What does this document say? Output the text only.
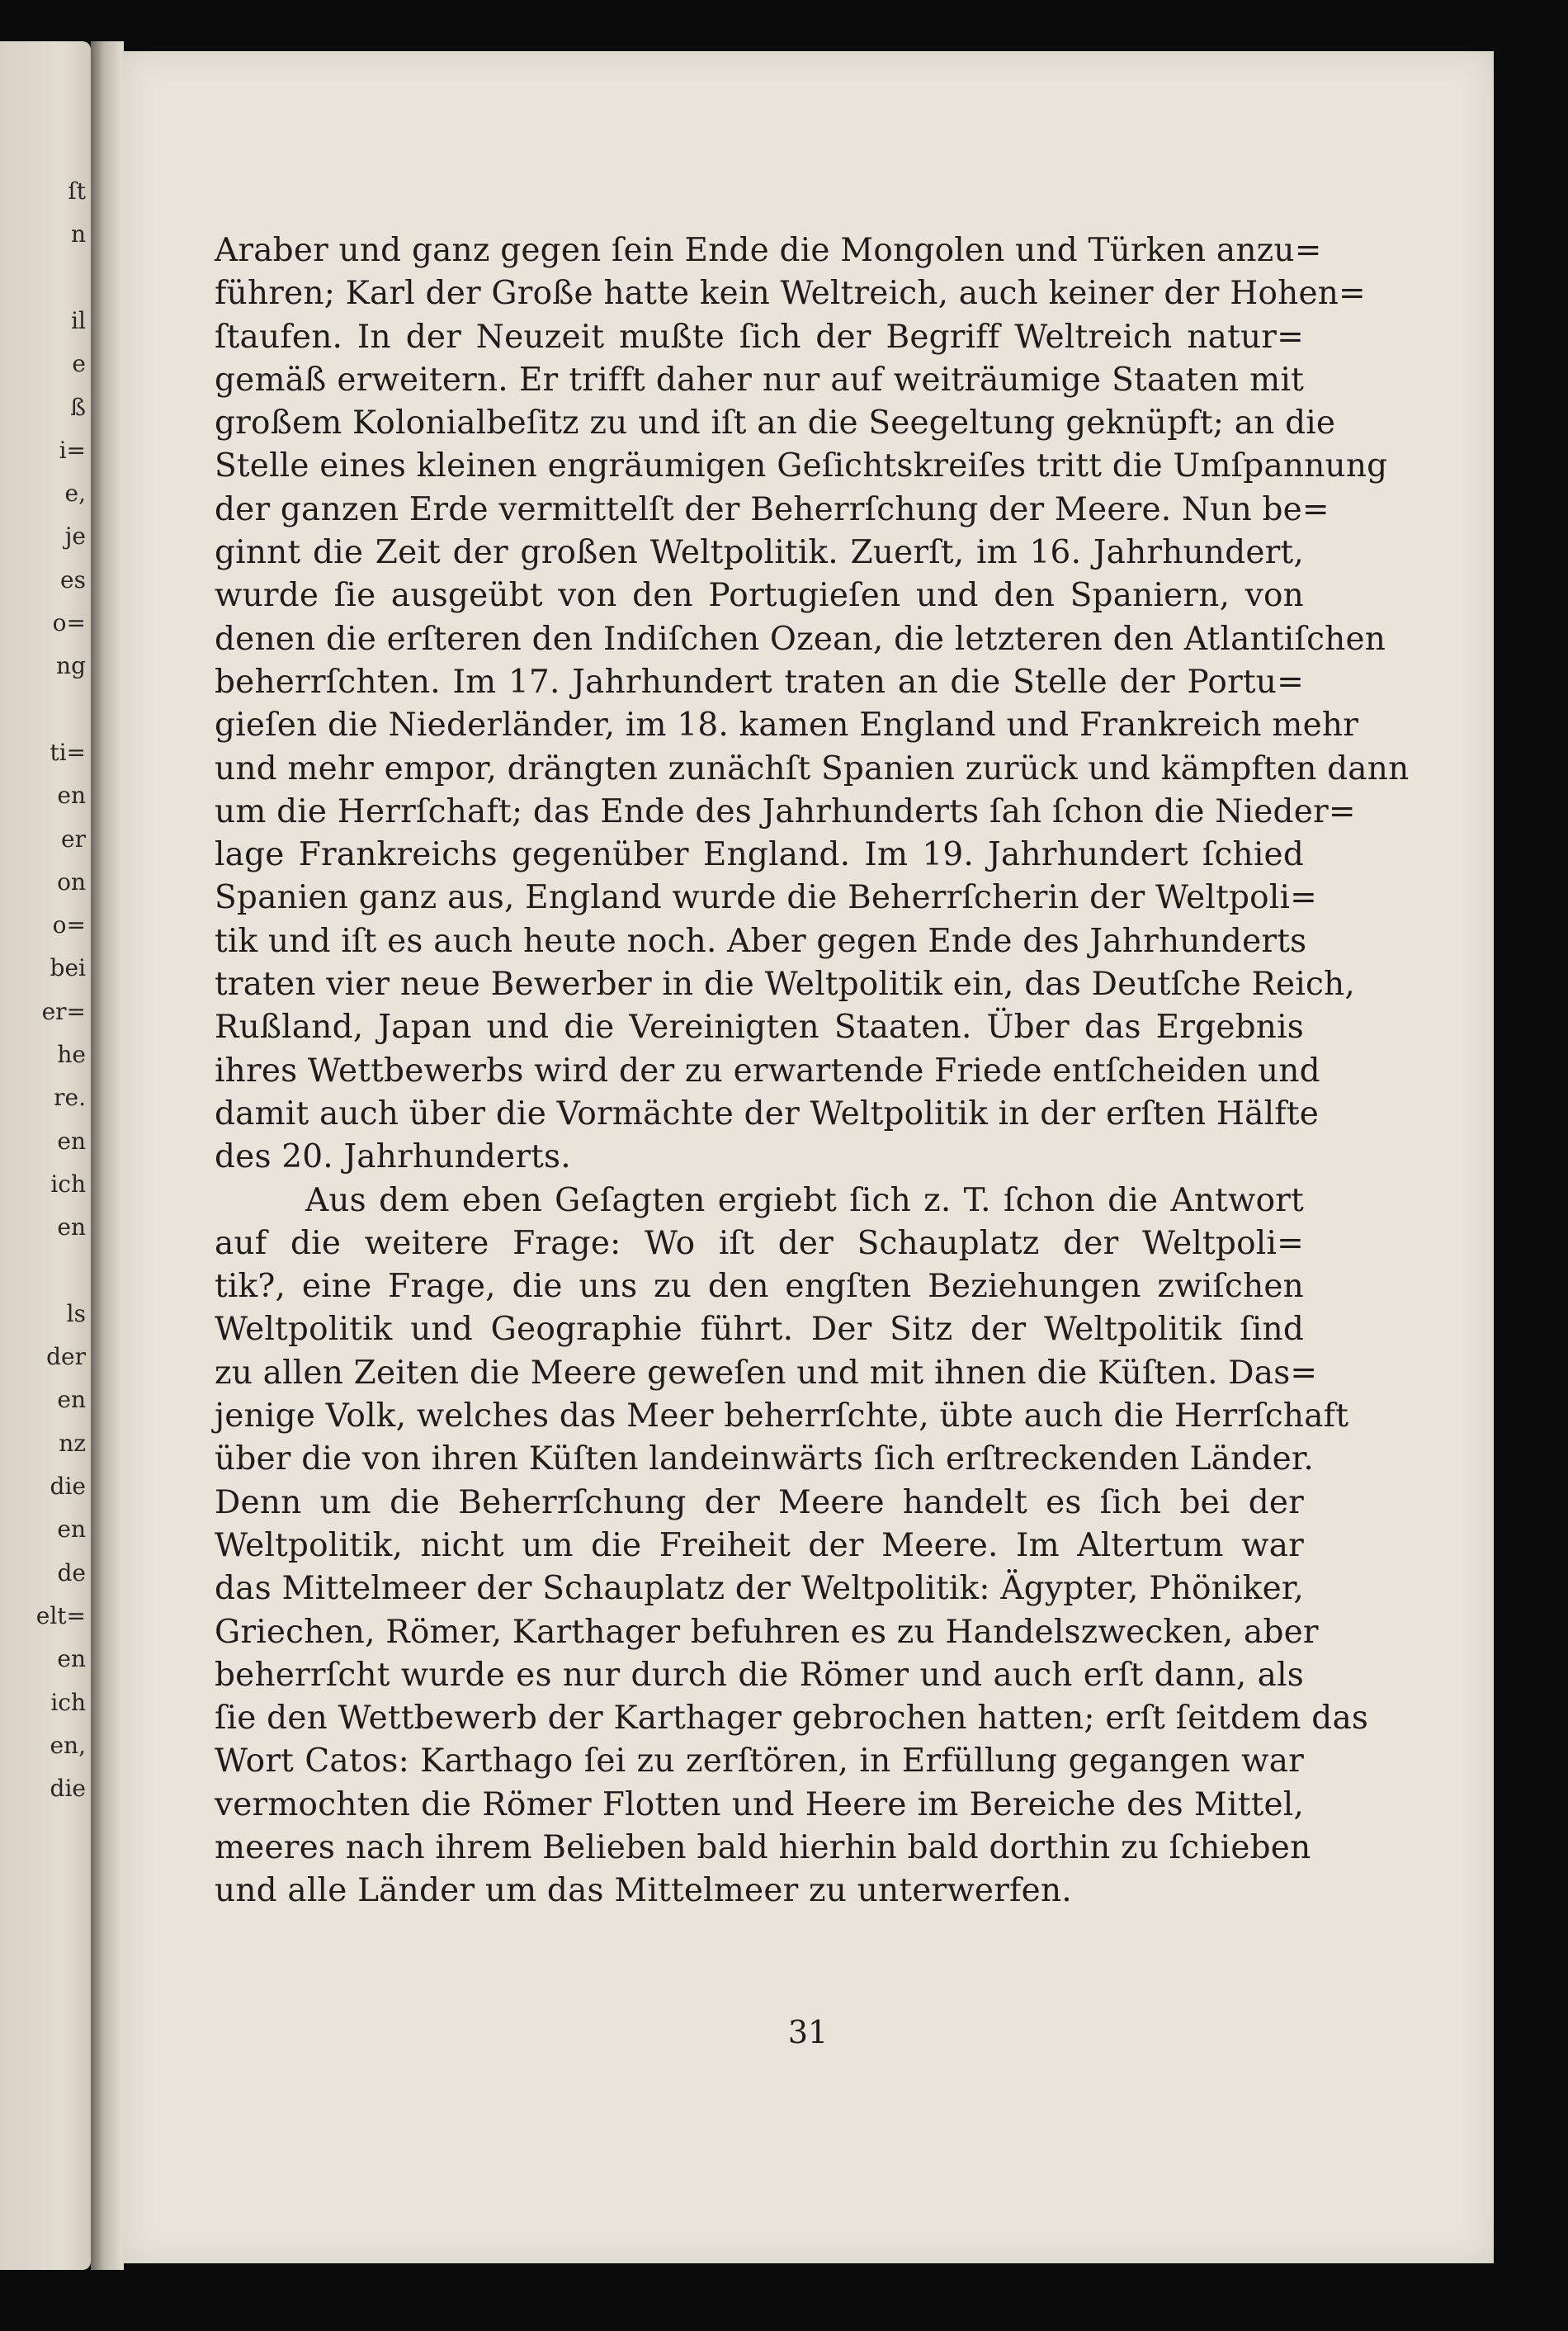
ſt
n
il
e
ß
i=
e,
je
es
o=
ng
ti=
en
er
on
o=
bei
er=
he
re.
en
ich
en
ls
der
en
nz
die
en
de
elt=
en
ich
en,
die
Araber und ganz gegen ſein Ende die Mongolen und Türken anzu=
führen; Karl der Große hatte kein Weltreich, auch keiner der Hohen=
ſtaufen. In der Neuzeit mußte ſich der Begriff Weltreich natur=
gemäß erweitern. Er trifft daher nur auf weiträumige Staaten mit
großem Kolonialbeſitz zu und iſt an die Seegeltung geknüpft; an die
Stelle eines kleinen engräumigen Geſichtskreiſes tritt die Umſpannung
der ganzen Erde vermittelſt der Beherrſchung der Meere. Nun be=
ginnt die Zeit der großen Weltpolitik. Zuerſt, im 16. Jahrhundert,
wurde ſie ausgeübt von den Portugieſen und den Spaniern, von
denen die erſteren den Indiſchen Ozean, die letzteren den Atlantiſchen
beherrſchten. Im 17. Jahrhundert traten an die Stelle der Portu=
gieſen die Niederländer, im 18. kamen England und Frankreich mehr
und mehr empor, drängten zunächſt Spanien zurück und kämpften dann
um die Herrſchaft; das Ende des Jahrhunderts ſah ſchon die Nieder=
lage Frankreichs gegenüber England. Im 19. Jahrhundert ſchied
Spanien ganz aus, England wurde die Beherrſcherin der Weltpoli=
tik und iſt es auch heute noch. Aber gegen Ende des Jahrhunderts
traten vier neue Bewerber in die Weltpolitik ein, das Deutſche Reich,
Rußland, Japan und die Vereinigten Staaten. Über das Ergebnis
ihres Wettbewerbs wird der zu erwartende Friede entſcheiden und
damit auch über die Vormächte der Weltpolitik in der erſten Hälfte
des 20. Jahrhunderts.
Aus dem eben Geſagten ergiebt ſich z. T. ſchon die Antwort
auf die weitere Frage: Wo iſt der Schauplatz der Weltpoli=
tik?, eine Frage, die uns zu den engſten Beziehungen zwiſchen
Weltpolitik und Geographie führt. Der Sitz der Weltpolitik ſind
zu allen Zeiten die Meere geweſen und mit ihnen die Küſten. Das=
jenige Volk, welches das Meer beherrſchte, übte auch die Herrſchaft
über die von ihren Küſten landeinwärts ſich erſtreckenden Länder.
Denn um die Beherrſchung der Meere handelt es ſich bei der
Weltpolitik, nicht um die Freiheit der Meere. Im Altertum war
das Mittelmeer der Schauplatz der Weltpolitik: Ägypter, Phöniker,
Griechen, Römer, Karthager befuhren es zu Handelszwecken, aber
beherrſcht wurde es nur durch die Römer und auch erſt dann, als
ſie den Wettbewerb der Karthager gebrochen hatten; erſt ſeitdem das
Wort Catos: Karthago ſei zu zerſtören, in Erfüllung gegangen war
vermochten die Römer Flotten und Heere im Bereiche des Mittel,
meeres nach ihrem Belieben bald hierhin bald dorthin zu ſchieben
und alle Länder um das Mittelmeer zu unterwerfen.
31
